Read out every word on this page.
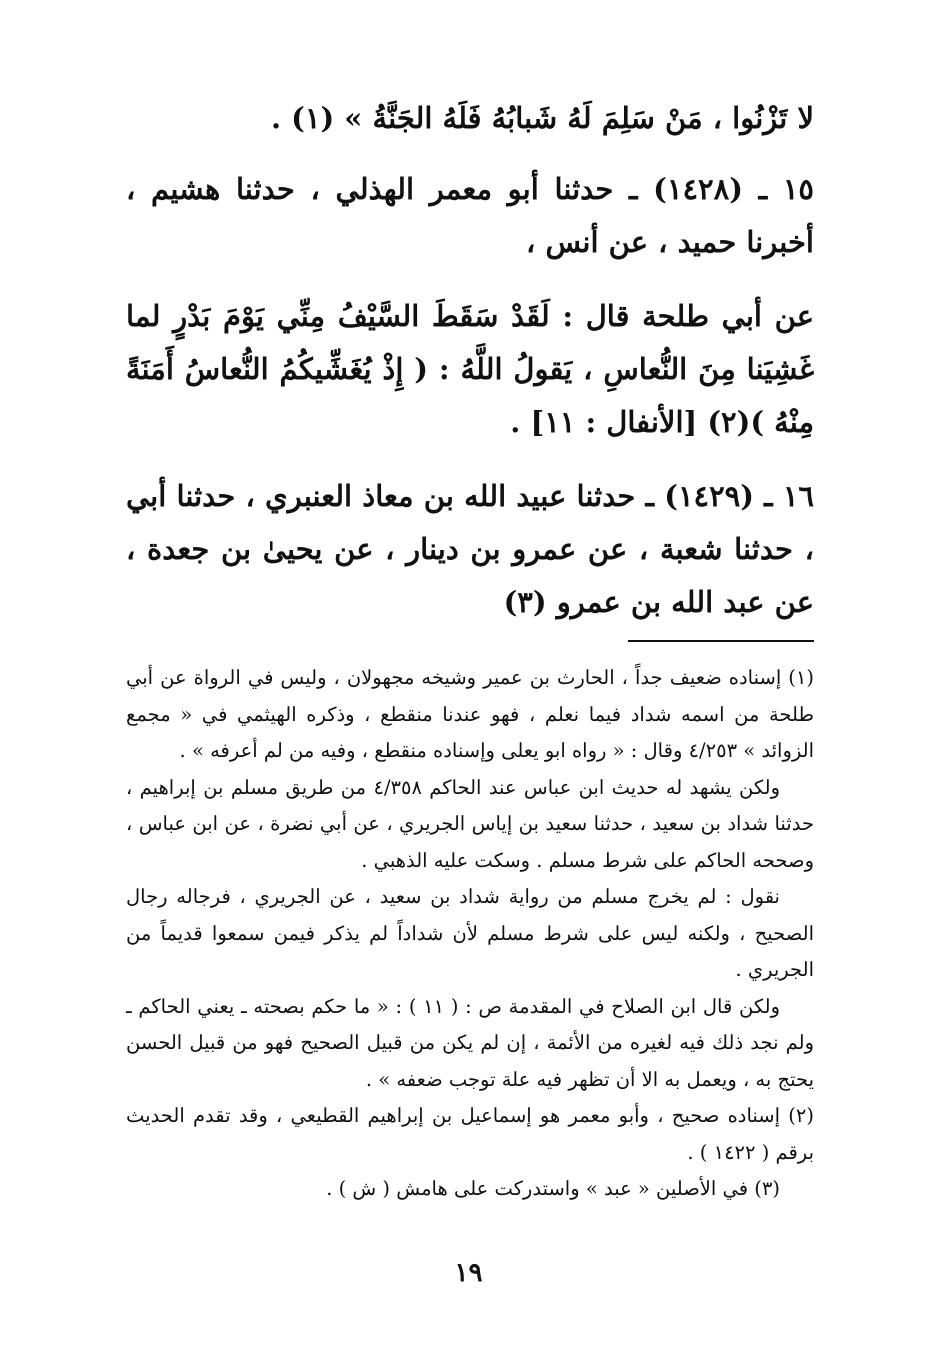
لا تَزْنُوا ، مَنْ سَلِمَ لَهُ شَبابُهُ فَلَهُ الجَنَّةُ » (١) .

١٥ ـ (١٤٢٨) ـ حدثنا أبو معمر الهذلي ، حدثنا هشيم ، أخبرنا حميد ، عن أنس ،

عن أبي طلحة قال : لَقَدْ سَقَطَ السَّيْفُ مِنِّي يَوْمَ بَدْرٍ لما غَشِيَنا مِنَ النُّعاسِ ، يَقولُ اللَّهُ : ( إِذْ يُغَشِّيكُمُ النُّعاسُ أَمَنَةً مِنْهُ )(٢) [الأنفال : ١١] .

١٦ ـ (١٤٢٩) ـ حدثنا عبيد الله بن معاذ العنبري ، حدثنا أبي ، حدثنا شعبة ، عن عمرو بن دينار ، عن يحيىٰ بن جعدة ، عن عبد الله بن عمرو (٣)

(١) إسناده ضعيف جداً ، الحارث بن عمير وشيخه مجهولان ، وليس في الرواة عن أبي طلحة من اسمه شداد فيما نعلم ، فهو عندنا منقطع ، وذكره الهيثمي في « مجمع الزوائد » ٤/٢٥٣ وقال : « رواه ابو يعلى وإسناده منقطع ، وفيه من لم أعرفه » .

ولكن يشهد له حديث ابن عباس عند الحاكم ٤/٣٥٨ من طريق مسلم بن إبراهيم ، حدثنا شداد بن سعيد ، حدثنا سعيد بن إياس الجريري ، عن أبي نضرة ، عن ابن عباس ، وصححه الحاكم على شرط مسلم . وسكت عليه الذهبي .

نقول : لم يخرج مسلم من رواية شداد بن سعيد ، عن الجريري ، فرجاله رجال الصحيح ، ولكنه ليس على شرط مسلم لأن شداداً لم يذكر فيمن سمعوا قديماً من الجريري .

ولكن قال ابن الصلاح في المقدمة ص : ( ١١ ) : « ما حكم بصحته ـ يعني الحاكم ـ ولم نجد ذلك فيه لغيره من الأئمة ، إن لم يكن من قبيل الصحيح فهو من قبيل الحسن يحتج به ، ويعمل به الا أن تظهر فيه علة توجب ضعفه » .

(٢) إسناده صحيح ، وأبو معمر هو إسماعيل بن إبراهيم القطيعي ، وقد تقدم الحديث برقم ( ١٤٢٢ ) .

(٣) في الأصلين « عبد » واستدركت على هامش ( ش ) .

١٩
